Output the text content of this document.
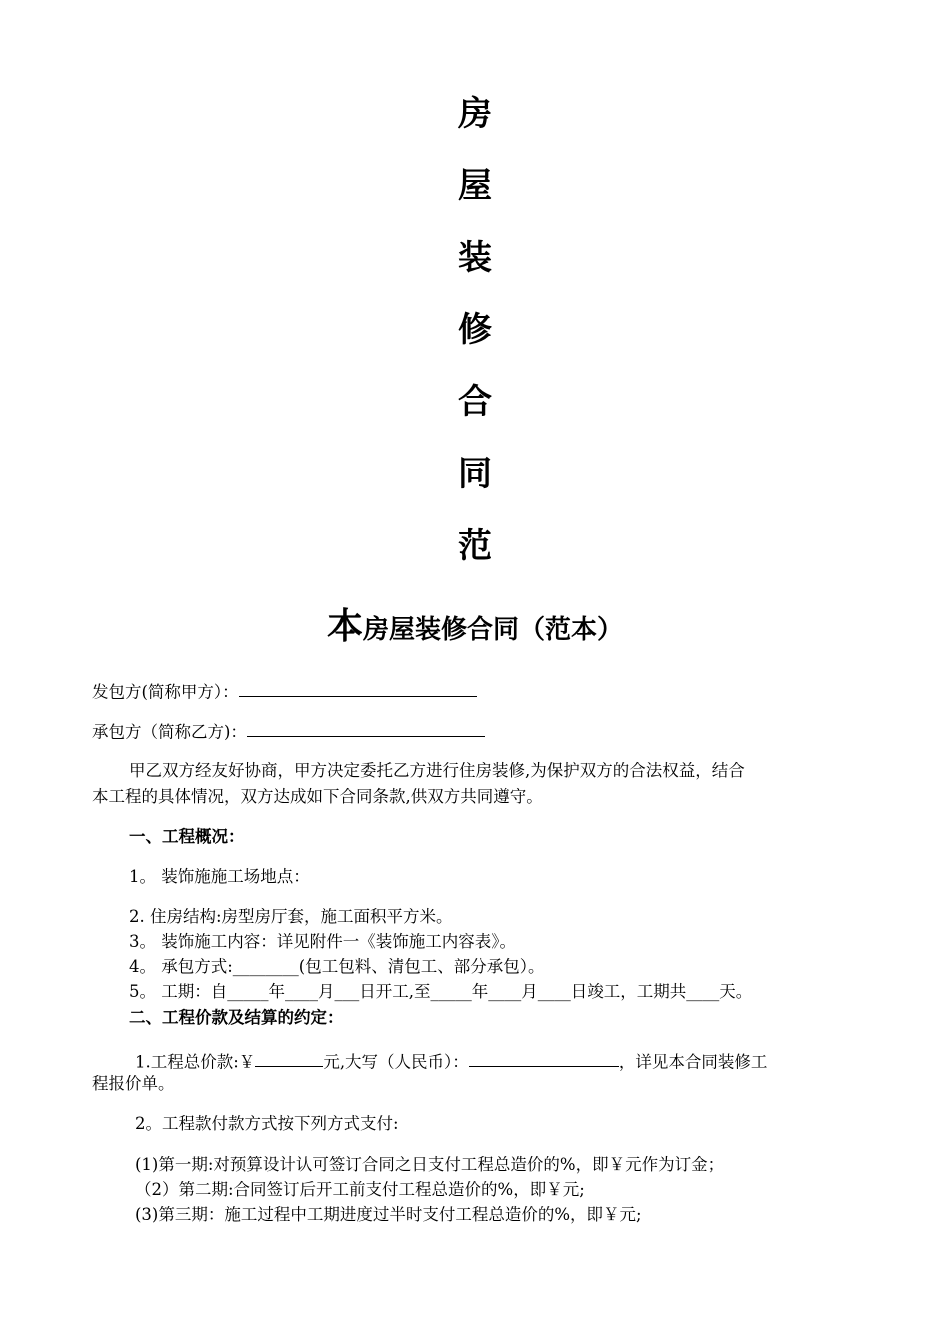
房
屋
装
修
合
同
范
本房屋装修合同（范本）
发包方(简称甲方）：
承包方（简称乙方)：
甲乙双方经友好协商，甲方决定委托乙方进行住房装修,为保护双方的合法权益，结合
本工程的具体情况，双方达成如下合同条款,供双方共同遵守。
一、工程概况：
1。 装饰施施工场地点：
2. 住房结构:房型房厅套，施工面积平方米。
3。 装饰施工内容：详见附件一《装饰施工内容表》。
4。 承包方式:________(包工包料、清包工、部分承包）。
5。 工期：自_____年____月___日开工,至_____年____月____日竣工，工期共____天。
二、工程价款及结算的约定：
1.工程总价款:￥	元,大写（人民币）：	，详见本合同装修工
程报价单。
2。工程款付款方式按下列方式支付:
(1)第一期:对预算设计认可签订合同之日支付工程总造价的%，即￥元作为订金；
（2）第二期:合同签订后开工前支付工程总造价的%，即￥元;
(3)第三期：施工过程中工期进度过半时支付工程总造价的%，即￥元;
